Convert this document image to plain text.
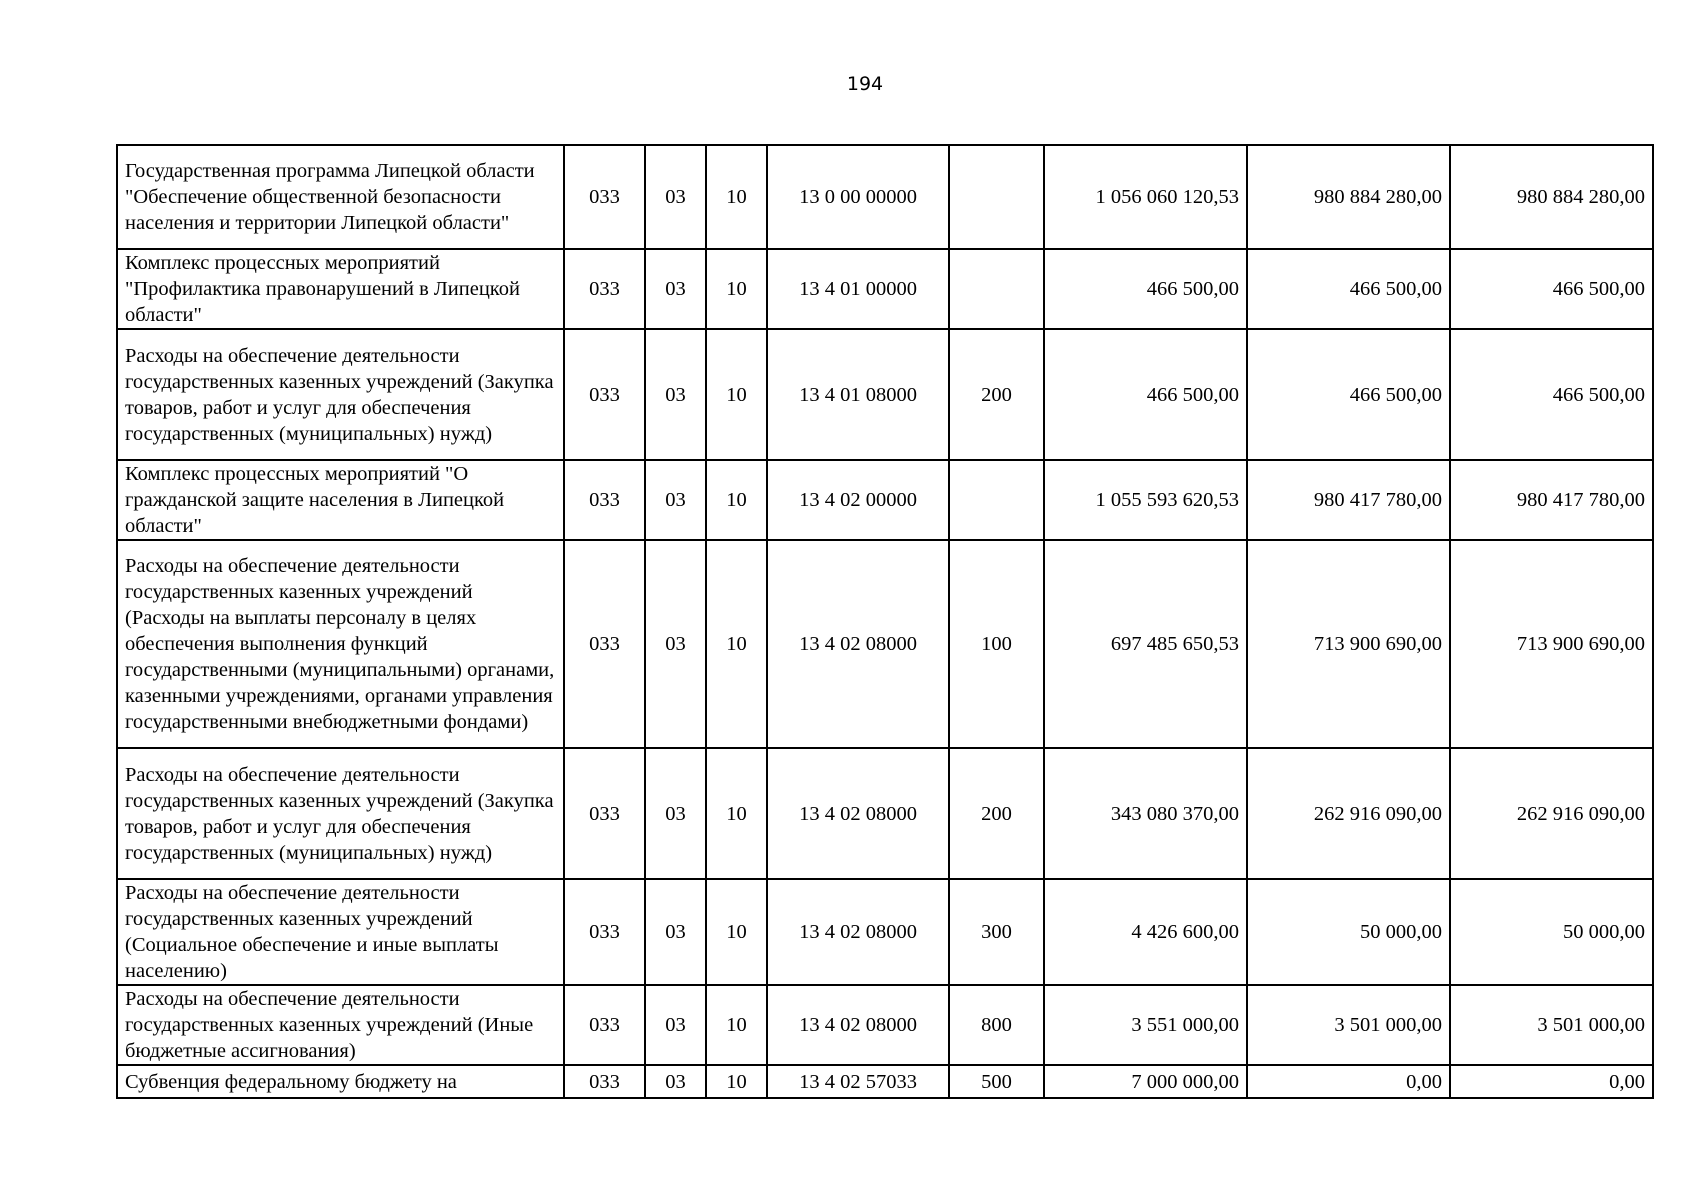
194
Государственная программа Липецкой области "Обеспечение общественной безопасности населения и территории Липецкой области"	033	03	10	13 0 00 00000		1 056 060 120,53	980 884 280,00	980 884 280,00
Комплекс процессных мероприятий "Профилактика правонарушений в Липецкой области"	033	03	10	13 4 01 00000		466 500,00	466 500,00	466 500,00
Расходы на обеспечение деятельности государственных казенных учреждений (Закупка товаров, работ и услуг для обеспечения государственных (муниципальных) нужд)	033	03	10	13 4 01 08000	200	466 500,00	466 500,00	466 500,00
Комплекс процессных мероприятий "О гражданской защите населения в Липецкой области"	033	03	10	13 4 02 00000		1 055 593 620,53	980 417 780,00	980 417 780,00
Расходы на обеспечение деятельности государственных казенных учреждений (Расходы на выплаты персоналу в целях обеспечения выполнения функций государственными (муниципальными) органами, казенными учреждениями, органами управления государственными внебюджетными фондами)	033	03	10	13 4 02 08000	100	697 485 650,53	713 900 690,00	713 900 690,00
Расходы на обеспечение деятельности государственных казенных учреждений (Закупка товаров, работ и услуг для обеспечения государственных (муниципальных) нужд)	033	03	10	13 4 02 08000	200	343 080 370,00	262 916 090,00	262 916 090,00
Расходы на обеспечение деятельности государственных казенных учреждений (Социальное обеспечение и иные выплаты населению)	033	03	10	13 4 02 08000	300	4 426 600,00	50 000,00	50 000,00
Расходы на обеспечение деятельности государственных казенных учреждений (Иные бюджетные ассигнования)	033	03	10	13 4 02 08000	800	3 551 000,00	3 501 000,00	3 501 000,00
Субвенция федеральному бюджету на	033	03	10	13 4 02 57033	500	7 000 000,00	0,00	0,00
